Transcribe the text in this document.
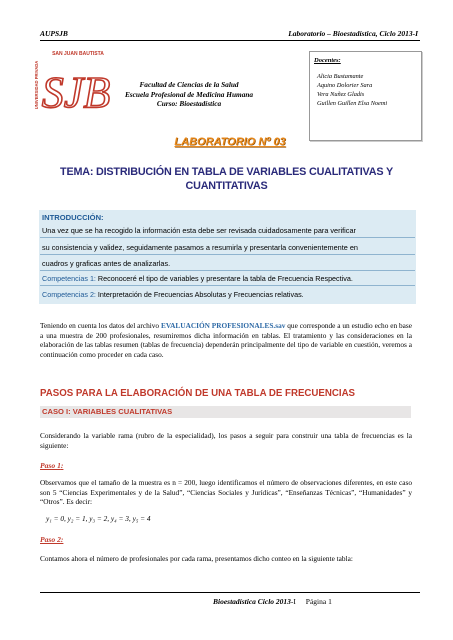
AUPSJB	Laboratorio – Bioestadística, Ciclo 2013-I
UNIVERSIDAD PRIVADA
SAN JUAN BAUTISTA
SJB	Facultad de Ciencias de la Salud
Escuela Profesional de Medicina Humana
Curso: Bioestadística
Docentes:
Alicia Bustamante
Aquino Dolorier Sara
Vera Nuñez Gladis
Guillen Guillen Elsa Noemi
LABORATORIO Nº 03
TEMA: DISTRIBUCIÓN EN TABLA DE VARIABLES CUALITATIVAS Y
CUANTITATIVAS
INTRODUCCIÓN:
Una vez que se ha recogido la información esta debe ser revisada cuidadosamente para verificar
su consistencia y validez, seguidamente pasamos a resumirla y presentarla convenientemente en
cuadros y graficas antes de analizarlas.
Competencias 1: Reconoceré el tipo de variables y presentare la tabla de Frecuencia Respectiva.
Competencias 2: Interpretación de Frecuencias Absolutas y Frecuencias relativas.
Teniendo en cuenta los datos del archivo EVALUACIÓN PROFESIONALES.sav que corresponde a un estudio echo en base a una muestra de 200 profesionales, resumiremos dicha información en tablas. El tratamiento y las consideraciones en la elaboración de las tablas resumen (tablas de frecuencia) dependerán principalmente del tipo de variable en cuestión, veremos a continuación como proceder en cada caso.
PASOS PARA LA ELABORACIÓN DE UNA TABLA DE FRECUENCIAS
CASO I: VARIABLES CUALITATIVAS
Considerando la variable rama (rubro de la especialidad), los pasos a seguir para construir una tabla de frecuencias es la siguiente:
Paso 1:
Observamos que el tamaño de la muestra es n = 200, luego identificamos el número de observaciones diferentes, en este caso son 5 “Ciencias Experimentales y de la Salud”, “Ciencias Sociales y Jurídicas”, “Enseñanzas Técnicas”, “Humanidades” y “Otros”. Es decir:
y₁ = 0, y₂ = 1, y₃ = 2, y₄ = 3, y₅ = 4
Paso 2:
Contamos ahora el número de profesionales por cada rama, presentamos dicho conteo en la siguiente tabla:
Bioestadística Ciclo 2013-I Página 1
